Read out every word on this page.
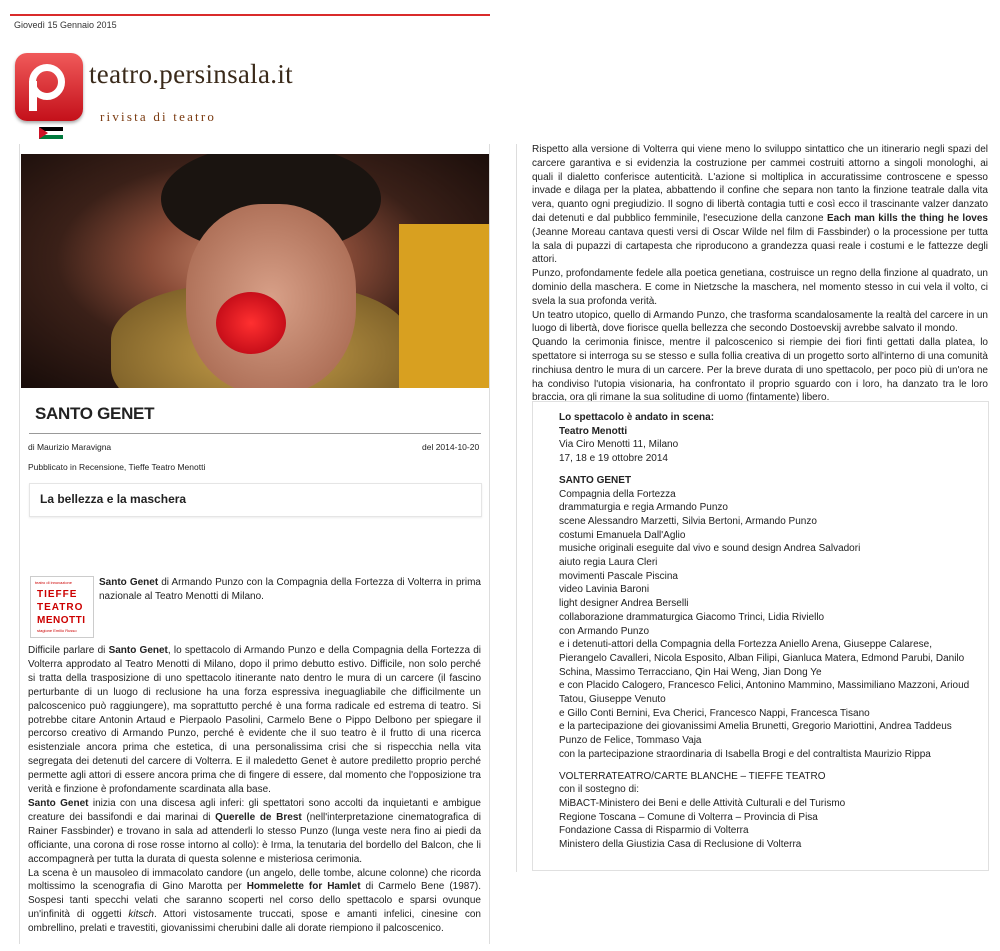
Giovedì 15 Gennaio 2015
teatro.persinsala.it
rivista di teatro
SANTO GENET
di Maurizio Maravigna	del 2014-10-20
Pubblicato in Recensione, Tieffe Teatro Menotti
La bellezza e la maschera
teatro di innovazione
TIEFFE
TEATRO
MENOTTI
stagione Emilio Russo
Santo Genet di Armando Punzo con la Compagnia della Fortezza di Volterra in prima nazionale al Teatro Menotti di Milano.

Difficile parlare di Santo Genet, lo spettacolo di Armando Punzo e della Compagnia della Fortezza di Volterra approdato al Teatro Menotti di Milano, dopo il primo debutto estivo. Difficile, non solo perché si tratta della trasposizione di uno spettacolo itinerante nato dentro le mura di un carcere (il fascino perturbante di un luogo di reclusione ha una forza espressiva ineguagliabile che difficilmente un palcoscenico può raggiungere), ma soprattutto perché è una forma radicale ed estrema di teatro. Si potrebbe citare Antonin Artaud e Pierpaolo Pasolini, Carmelo Bene o Pippo Delbono per spiegare il percorso creativo di Armando Punzo, perché è evidente che il suo teatro è il frutto di una ricerca esistenziale ancora prima che estetica, di una personalissima crisi che si rispecchia nella vita segregata dei detenuti del carcere di Volterra. E il maledetto Genet è autore prediletto proprio perché permette agli attori di essere ancora prima che di fingere di essere, dal momento che l'opposizione tra verità e finzione è profondamente scardinata alla base.

Santo Genet inizia con una discesa agli inferi: gli spettatori sono accolti da inquietanti e ambigue creature dei bassifondi e dai marinai di Querelle de Brest (nell'interpretazione cinematografica di Rainer Fassbinder) e trovano in sala ad attenderli lo stesso Punzo (lunga veste nera fino ai piedi da officiante, una corona di rose rosse intorno al collo): è Irma, la tenutaria del bordello del Balcon, che li accompagnerà per tutta la durata di questa solenne e misteriosa cerimonia.

La scena è un mausoleo di immacolato candore (un angelo, delle tombe, alcune colonne) che ricorda moltissimo la scenografia di Gino Marotta per Hommelette for Hamlet di Carmelo Bene (1987). Sospesi tanti specchi velati che saranno scoperti nel corso dello spettacolo e sparsi ovunque un'infinità di oggetti kitsch. Attori vistosamente truccati, spose e amanti infelici, cinesine con ombrellino, prelati e travestiti, giovanissimi cherubini dalle ali dorate riempiono il palcoscenico.

Rispetto alla versione di Volterra qui viene meno lo sviluppo sintattico che un itinerario negli spazi del carcere garantiva e si evidenzia la costruzione per cammei costruiti attorno a singoli monologhi, ai quali il dialetto conferisce autenticità. L'azione si moltiplica in accuratissime controscene e spesso invade e dilaga per la platea, abbattendo il confine che separa non tanto la finzione teatrale dalla vita vera, quanto ogni pregiudizio. Il sogno di libertà contagia tutti e così ecco il trascinante valzer danzato dai detenuti e dal pubblico femminile, l'esecuzione della canzone Each man kills the thing he loves (Jeanne Moreau cantava questi versi di Oscar Wilde nel film di Fassbinder) o la processione per tutta la sala di pupazzi di cartapesta che riproducono a grandezza quasi reale i costumi e le fattezze degli attori.

Punzo, profondamente fedele alla poetica genetiana, costruisce un regno della finzione al quadrato, un dominio della maschera. E come in Nietzsche la maschera, nel momento stesso in cui vela il volto, ci svela la sua profonda verità.

Un teatro utopico, quello di Armando Punzo, che trasforma scandalosamente la realtà del carcere in un luogo di libertà, dove fiorisce quella bellezza che secondo Dostoevskij avrebbe salvato il mondo.

Quando la cerimonia finisce, mentre il palcoscenico si riempie dei fiori finti gettati dalla platea, lo spettatore si interroga su se stesso e sulla follia creativa di un progetto sorto all'interno di una comunità rinchiusa dentro le mura di un carcere. Per la breve durata di uno spettacolo, per poco più di un'ora ne ha condiviso l'utopia visionaria, ha confrontato il proprio sguardo con i loro, ha danzato tra le loro braccia, ora gli rimane la sua solitudine di uomo (fintamente) libero.

Lo spettacolo è andato in scena:

Teatro Menotti

Via Ciro Menotti 11, Milano

17, 18 e 19 ottobre 2014

SANTO GENET

Compagnia della Fortezza

drammaturgia e regia Armando Punzo

scene Alessandro Marzetti, Silvia Bertoni, Armando Punzo

costumi Emanuela Dall'Aglio

musiche originali eseguite dal vivo e sound design Andrea Salvadori

aiuto regia Laura Cleri

movimenti Pascale Piscina

video Lavinia Baroni

light designer Andrea Berselli

collaborazione drammaturgica Giacomo Trinci, Lidia Riviello

con Armando Punzo

e i detenuti-attori della Compagnia della Fortezza Aniello Arena, Giuseppe Calarese, Pierangelo Cavalleri, Nicola Esposito, Alban Filipi, Gianluca Matera, Edmond Parubi, Danilo Schina, Massimo Terracciano, Qin Hai Weng, Jian Dong Ye

e con Placido Calogero, Francesco Felici, Antonino Mammino, Massimiliano Mazzoni, Arioud Tatou, Giuseppe Venuto

e Gillo Conti Bernini, Eva Cherici, Francesco Nappi, Francesca Tisano

e la partecipazione dei giovanissimi Amelia Brunetti, Gregorio Mariottini, Andrea Taddeus Punzo de Felice, Tommaso Vaja

con la partecipazione straordinaria di Isabella Brogi e del contraltista Maurizio Rippa

VOLTERRATEATRO/CARTE BLANCHE – TIEFFE TEATRO

con il sostegno di:

MiBACT-Ministero dei Beni e delle Attività Culturali e del Turismo

Regione Toscana – Comune di Volterra – Provincia di Pisa

Fondazione Cassa di Risparmio di Volterra

Ministero della Giustizia Casa di Reclusione di Volterra
